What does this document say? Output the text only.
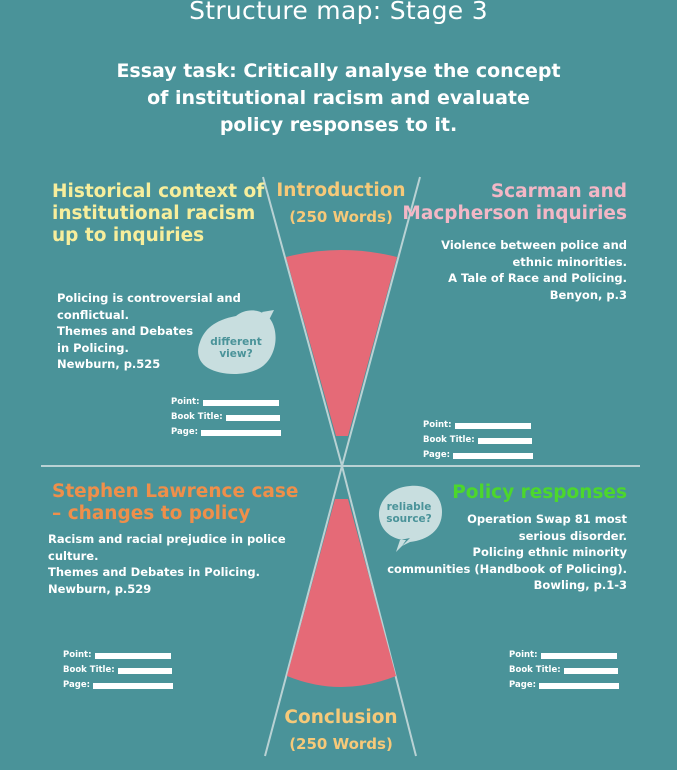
Structure map: Stage 3
Essay task: Critically analyse the concept
of institutional racism and evaluate
policy responses to it.
Introduction
(250 Words)
Conclusion
(250 Words)
Historical context of
institutional racism
up to inquiries
Policing is controversial and
conflictual.
Themes and Debates
in Policing.
Newburn, p.525
different
view?
Point:
Book Title:
Page:
Scarman and
Macpherson inquiries
Violence between police and
ethnic minorities.
A Tale of Race and Policing.
Benyon, p.3
Point:
Book Title:
Page:
Stephen Lawrence case
– changes to policy
Racism and racial prejudice in police
culture.
Themes and Debates in Policing.
Newburn, p.529
Point:
Book Title:
Page:
Policy responses
reliable
source?	Operation Swap 81 most
serious disorder.
Policing ethnic minority
communities (Handbook of Policing).
Bowling, p.1-3
Point:
Book Title:
Page:
